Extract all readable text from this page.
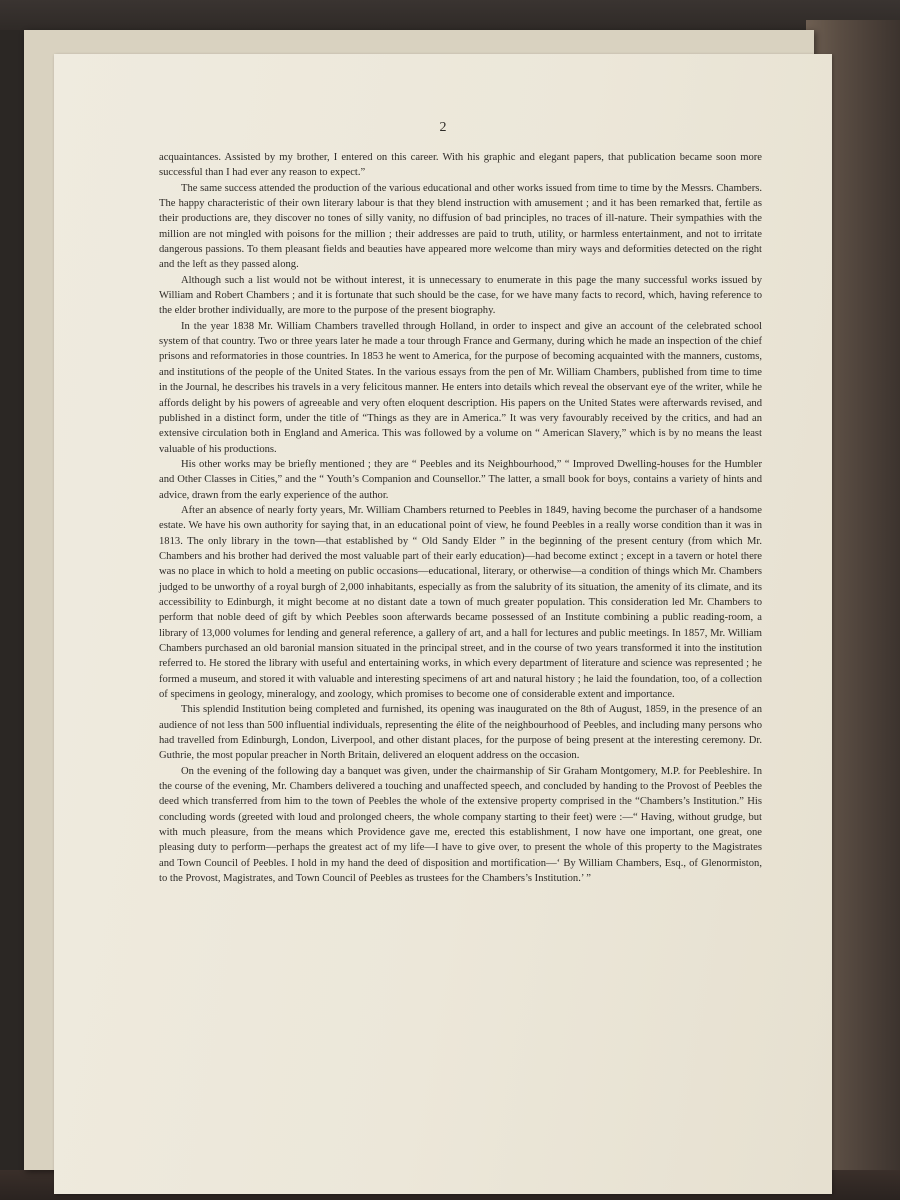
2

acquaintances. Assisted by my brother, I entered on this career. With his graphic and elegant papers, that publication became soon more successful than I had ever any reason to expect.”

The same success attended the production of the various educational and other works issued from time to time by the Messrs. Chambers. The happy characteristic of their own literary labour is that they blend instruction with amusement ; and it has been remarked that, fertile as their productions are, they discover no tones of silly vanity, no diffusion of bad principles, no traces of ill-nature. Their sympathies with the million are not mingled with poisons for the million ; their addresses are paid to truth, utility, or harmless entertainment, and not to irritate dangerous passions. To them pleasant fields and beauties have appeared more welcome than miry ways and deformities detected on the right and the left as they passed along.

Although such a list would not be without interest, it is unnecessary to enumerate in this page the many successful works issued by William and Robert Chambers ; and it is fortunate that such should be the case, for we have many facts to record, which, having reference to the elder brother individually, are more to the purpose of the present biography.

In the year 1838 Mr. William Chambers travelled through Holland, in order to inspect and give an account of the celebrated school system of that country. Two or three years later he made a tour through France and Germany, during which he made an inspection of the chief prisons and reformatories in those countries. In 1853 he went to America, for the purpose of becoming acquainted with the manners, customs, and institutions of the people of the United States. In the various essays from the pen of Mr. William Chambers, published from time to time in the Journal, he describes his travels in a very felicitous manner. He enters into details which reveal the observant eye of the writer, while he affords delight by his powers of agreeable and very often eloquent description. His papers on the United States were afterwards revised, and published in a distinct form, under the title of “Things as they are in America.” It was very favourably received by the critics, and had an extensive circulation both in England and America. This was followed by a volume on “ American Slavery,” which is by no means the least valuable of his productions.

His other works may be briefly mentioned ; they are “ Peebles and its Neighbourhood,” “ Improved Dwelling-houses for the Humbler and Other Classes in Cities,” and the “ Youth’s Companion and Counsellor.” The latter, a small book for boys, contains a variety of hints and advice, drawn from the early experience of the author.

After an absence of nearly forty years, Mr. William Chambers returned to Peebles in 1849, having become the purchaser of a handsome estate. We have his own authority for saying that, in an educational point of view, he found Peebles in a really worse condition than it was in 1813. The only library in the town—that established by “ Old Sandy Elder ” in the beginning of the present century (from which Mr. Chambers and his brother had derived the most valuable part of their early education)—had become extinct ; except in a tavern or hotel there was no place in which to hold a meeting on public occasions—educational, literary, or otherwise—a condition of things which Mr. Chambers judged to be unworthy of a royal burgh of 2,000 inhabitants, especially as from the salubrity of its situation, the amenity of its climate, and its accessibility to Edinburgh, it might become at no distant date a town of much greater population. This consideration led Mr. Chambers to perform that noble deed of gift by which Peebles soon afterwards became possessed of an Institute combining a public reading-room, a library of 13,000 volumes for lending and general reference, a gallery of art, and a hall for lectures and public meetings. In 1857, Mr. William Chambers purchased an old baronial mansion situated in the principal street, and in the course of two years transformed it into the institution referred to. He stored the library with useful and entertaining works, in which every department of literature and science was represented ; he formed a museum, and stored it with valuable and interesting specimens of art and natural history ; he laid the foundation, too, of a collection of specimens in geology, mineralogy, and zoology, which promises to become one of considerable extent and importance.

This splendid Institution being completed and furnished, its opening was inaugurated on the 8th of August, 1859, in the presence of an audience of not less than 500 influential individuals, representing the élite of the neighbourhood of Peebles, and including many persons who had travelled from Edinburgh, London, Liverpool, and other distant places, for the purpose of being present at the interesting ceremony. Dr. Guthrie, the most popular preacher in North Britain, delivered an eloquent address on the occasion.

On the evening of the following day a banquet was given, under the chairmanship of Sir Graham Montgomery, M.P. for Peebleshire. In the course of the evening, Mr. Chambers delivered a touching and unaffected speech, and concluded by handing to the Provost of Peebles the deed which transferred from him to the town of Peebles the whole of the extensive property comprised in the “Chambers’s Institution.” His concluding words (greeted with loud and prolonged cheers, the whole company starting to their feet) were :—“ Having, without grudge, but with much pleasure, from the means which Providence gave me, erected this establishment, I now have one important, one great, one pleasing duty to perform—perhaps the greatest act of my life—I have to give over, to present the whole of this property to the Magistrates and Town Council of Peebles. I hold in my hand the deed of disposition and mortification—‘ By William Chambers, Esq., of Glenormiston, to the Provost, Magistrates, and Town Council of Peebles as trustees for the Chambers’s Institution.’ ”
